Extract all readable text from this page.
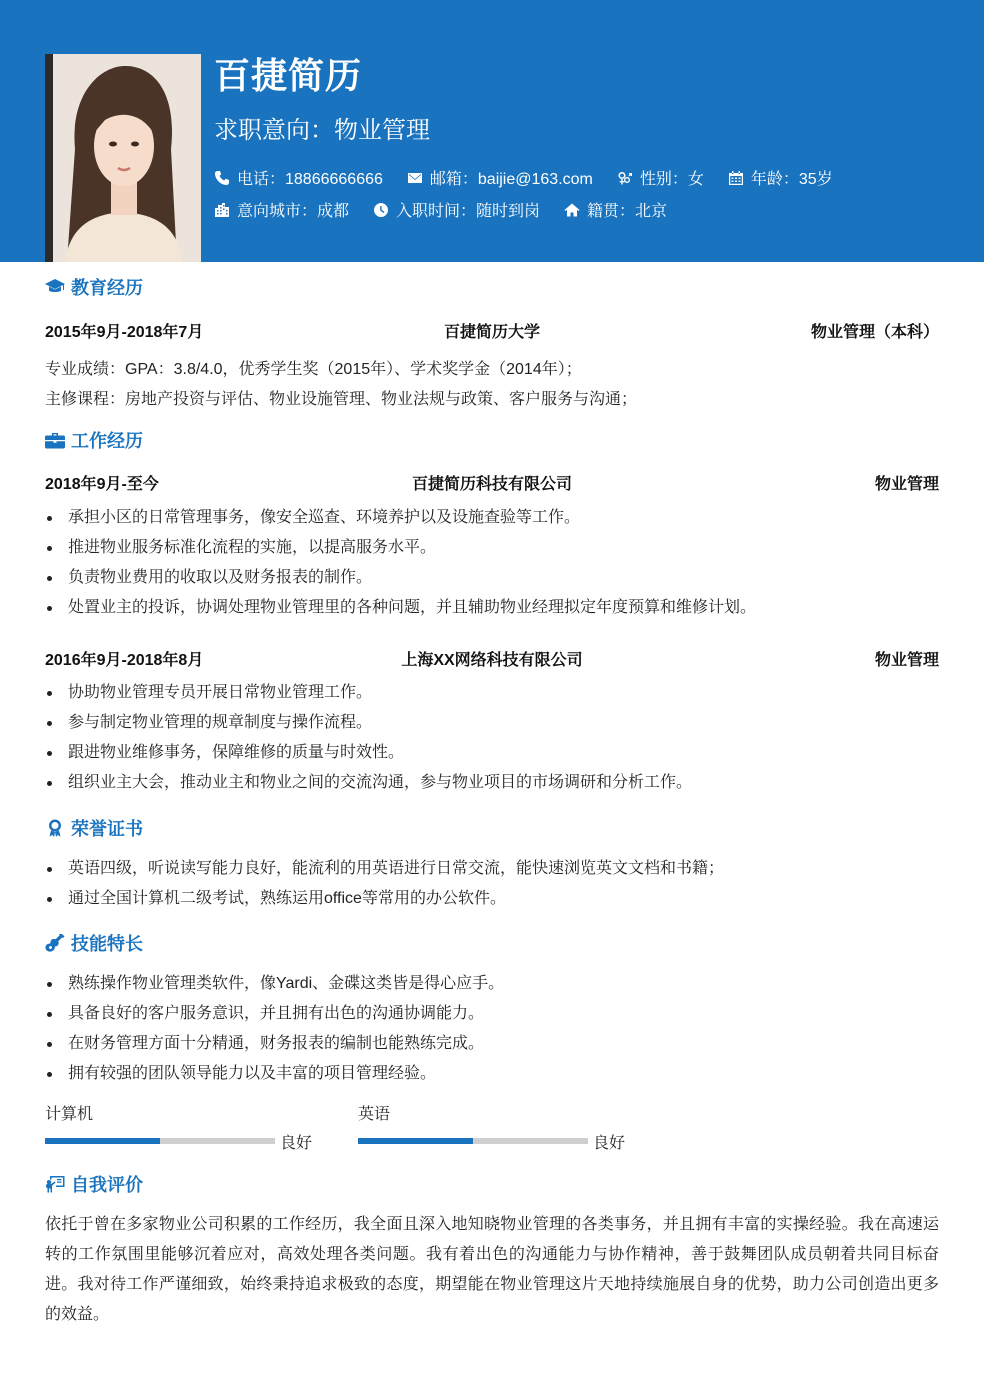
百捷简历
求职意向：物业管理
电话：18866666666	邮箱：baijie@163.com	性别：女	年龄：35岁
意向城市：成都	入职时间：随时到岗	籍贯：北京
教育经历
2015年9月-2018年7月	百捷简历大学	物业管理（本科）
专业成绩：GPA：3.8/4.0，优秀学生奖（2015年）、学术奖学金（2014年）；
主修课程：房地产投资与评估、物业设施管理、物业法规与政策、客户服务与沟通；
工作经历
2018年9月-至今	百捷简历科技有限公司	物业管理
承担小区的日常管理事务，像安全巡查、环境养护以及设施查验等工作。
推进物业服务标准化流程的实施，以提高服务水平。
负责物业费用的收取以及财务报表的制作。
处置业主的投诉，协调处理物业管理里的各种问题，并且辅助物业经理拟定年度预算和维修计划。
2016年9月-2018年8月	上海XX网络科技有限公司	物业管理
协助物业管理专员开展日常物业管理工作。
参与制定物业管理的规章制度与操作流程。
跟进物业维修事务，保障维修的质量与时效性。
组织业主大会，推动业主和物业之间的交流沟通，参与物业项目的市场调研和分析工作。
荣誉证书
英语四级，听说读写能力良好，能流利的用英语进行日常交流，能快速浏览英文文档和书籍；
通过全国计算机二级考试，熟练运用office等常用的办公软件。
技能特长
熟练操作物业管理类软件，像Yardi、金碟这类皆是得心应手。
具备良好的客户服务意识，并且拥有出色的沟通协调能力。
在财务管理方面十分精通，财务报表的编制也能熟练完成。
拥有较强的团队领导能力以及丰富的项目管理经验。
计算机
良好
英语
良好
自我评价
依托于曾在多家物业公司积累的工作经历，我全面且深入地知晓物业管理的各类事务，并且拥有丰富的实操经验。我在高速运转的工作氛围里能够沉着应对，高效处理各类问题。我有着出色的沟通能力与协作精神，善于鼓舞团队成员朝着共同目标奋进。我对待工作严谨细致，始终秉持追求极致的态度，期望能在物业管理这片天地持续施展自身的优势，助力公司创造出更多的效益。
